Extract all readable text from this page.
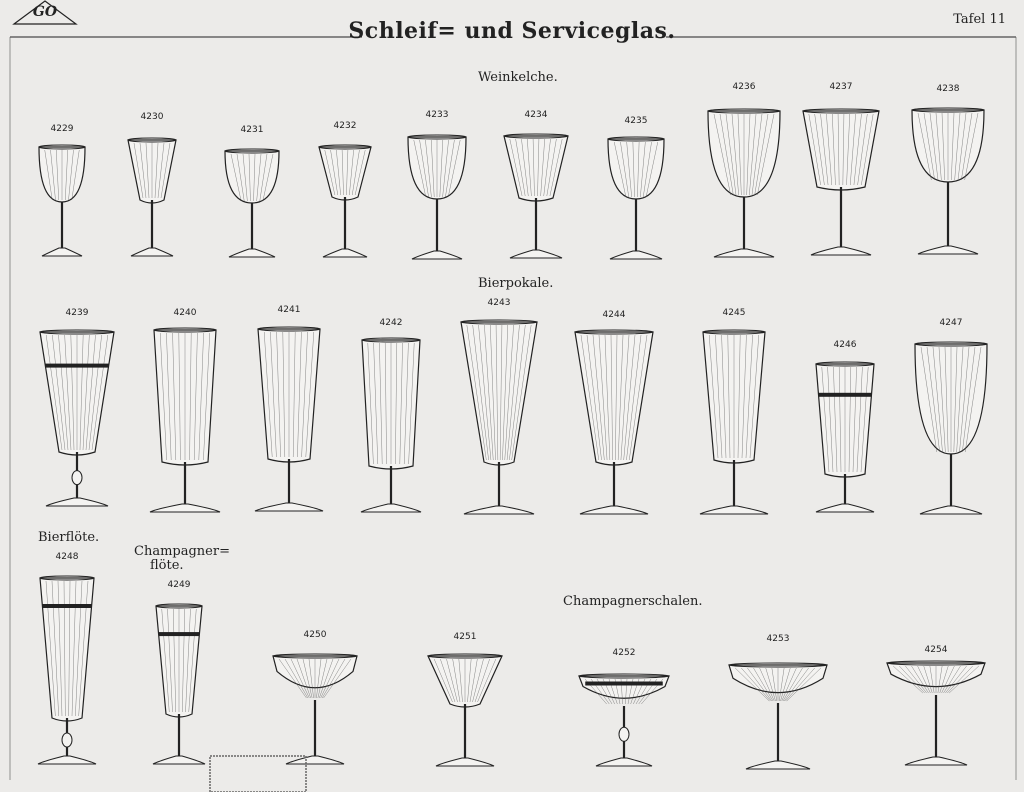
GO
Schleif= und Serviceglas.	Tafel 11
Weinkelche.
Bierpokale.
Bierflöte.
Champagner=
flöte.
Champagnerschalen.
4229
4230
4231	4232
4233	4234
4235
4236	4237	4238
4239	4240	4241
4242
4243
4244	4245
4246
4247
4248
4249
4250	4251
4252
4253
4254
